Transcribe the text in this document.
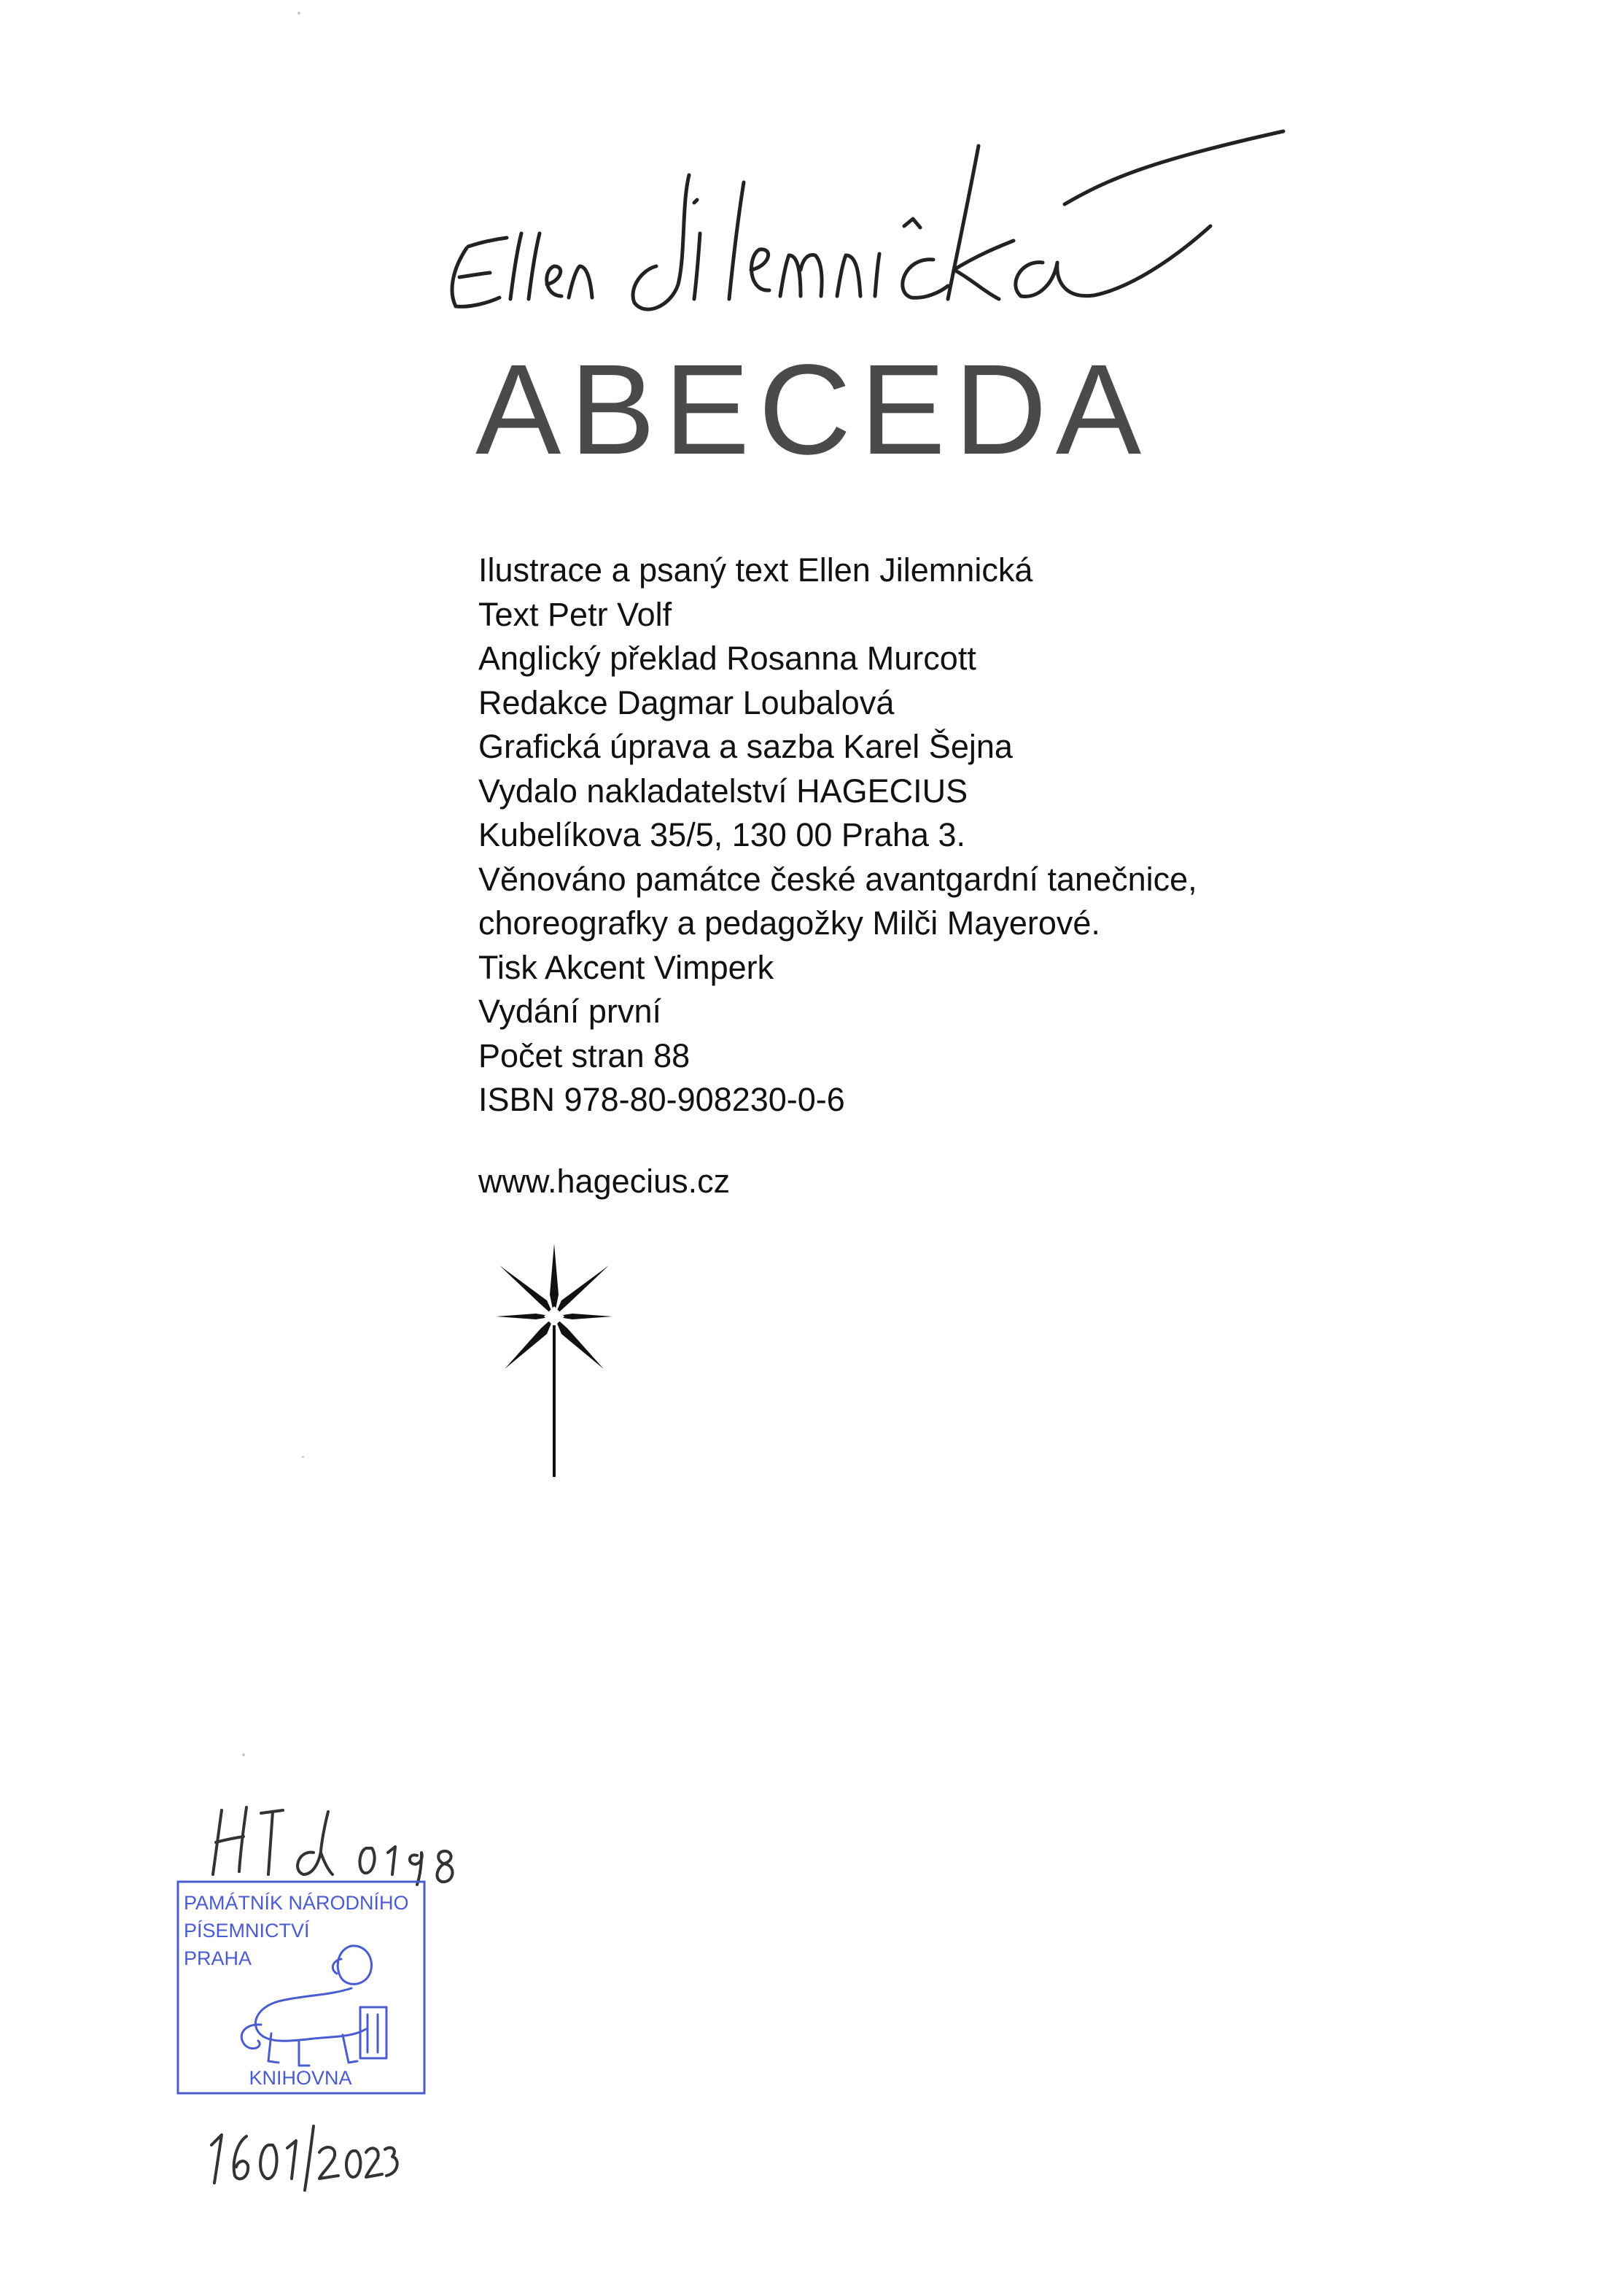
ABECEDA
Ilustrace a psaný text Ellen Jilemnická
Text Petr Volf
Anglický překlad Rosanna Murcott
Redakce Dagmar Loubalová
Grafická úprava a sazba Karel Šejna
Vydalo nakladatelství HAGECIUS
Kubelíkova 35/5, 130 00 Praha 3.
Věnováno památce české avantgardní tanečnice,
choreografky a pedagožky Milči Mayerové.
Tisk Akcent Vimperk
Vydání první
Počet stran 88
ISBN 978-80-908230-0-6
www.hagecius.cz
PAMÁTNÍK NÁRODNÍHO
PÍSEMNICTVÍ
PRAHA
KNIHOVNA
